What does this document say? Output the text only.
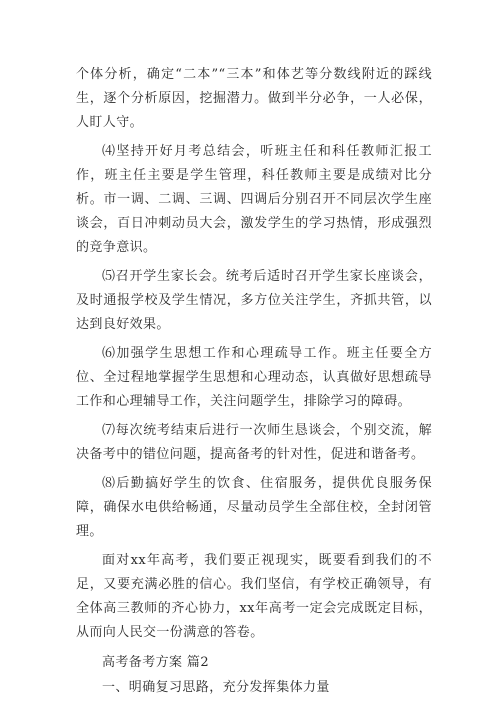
个体分析，确定“二本”“三本”和体艺等分数线附近的踩线生，逐个分析原因，挖掘潜力。做到半分必争，一人必保，人盯人守。

⑷坚持开好月考总结会，听班主任和科任教师汇报工作，班主任主要是学生管理，科任教师主要是成绩对比分析。市一调、二调、三调、四调后分别召开不同层次学生座谈会，百日冲刺动员大会，激发学生的学习热情，形成强烈的竞争意识。

⑸召开学生家长会。统考后适时召开学生家长座谈会，及时通报学校及学生情况，多方位关注学生，齐抓共管，以达到良好效果。

⑹加强学生思想工作和心理疏导工作。班主任要全方位、全过程地掌握学生思想和心理动态，认真做好思想疏导工作和心理辅导工作，关注问题学生，排除学习的障碍。

⑺每次统考结束后进行一次师生恳谈会，个别交流，解决备考中的错位问题，提高备考的针对性，促进和谐备考。

⑻后勤搞好学生的饮食、住宿服务，提供优良服务保障，确保水电供给畅通，尽量动员学生全部住校，全封闭管理。

面对xx年高考，我们要正视现实，既要看到我们的不足，又要充满必胜的信心。我们坚信，有学校正确领导，有全体高三教师的齐心协力，xx年高考一定会完成既定目标，从而向人民交一份满意的答卷。

高考备考方案 篇2

一、明确复习思路，充分发挥集体力量
